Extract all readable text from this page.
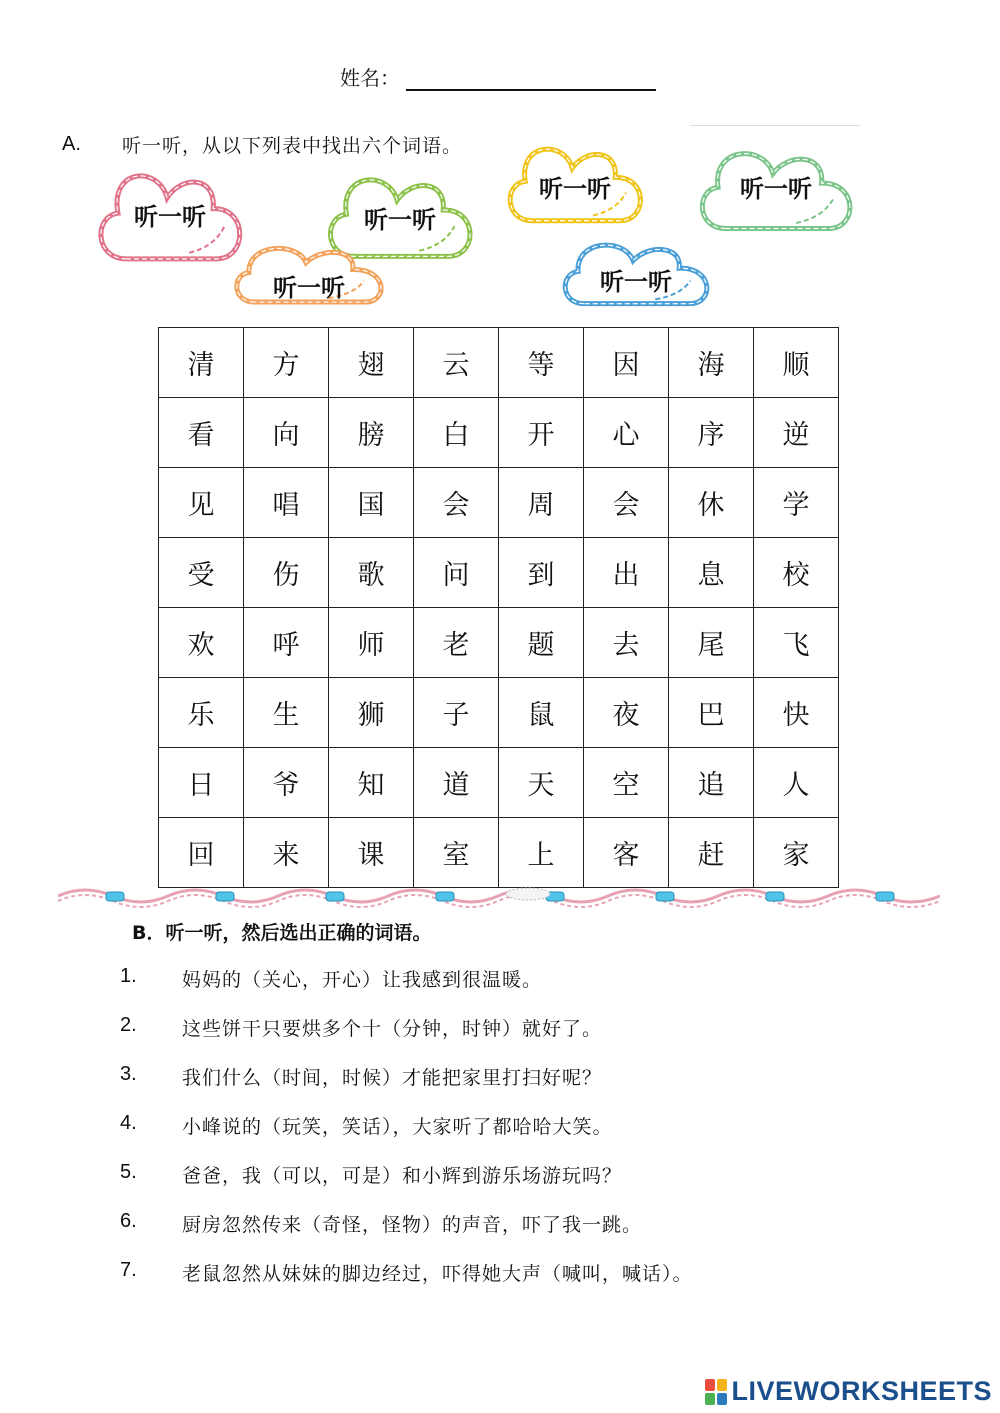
姓名：
A. 听一听，从以下列表中找出六个词语。
听一听	听一听
听一听	听一听
听一听	听一听
清	方	翅	云	等	因	海	顺
看	向	膀	白	开	心	序	逆
见	唱	国	会	周	会	休	学
受	伤	歌	问	到	出	息	校
欢	呼	师	老	题	去	尾	飞
乐	生	狮	子	鼠	夜	巴	快
日	爷	知	道	天	空	追	人
回	来	课	室	上	客	赶	家
B．听一听，然后选出正确的词语。
1.	妈妈的（关心，开心）让我感到很温暖。
2.	这些饼干只要烘多个十（分钟，时钟）就好了。
3.	我们什么（时间，时候）才能把家里打扫好呢？
4.	小峰说的（玩笑，笑话），大家听了都哈哈大笑。
5.	爸爸，我（可以，可是）和小辉到游乐场游玩吗？
6.	厨房忽然传来（奇怪，怪物）的声音，吓了我一跳。
7.	老鼠忽然从妹妹的脚边经过，吓得她大声（喊叫，喊话）。
LIVEWORKSHEETS
